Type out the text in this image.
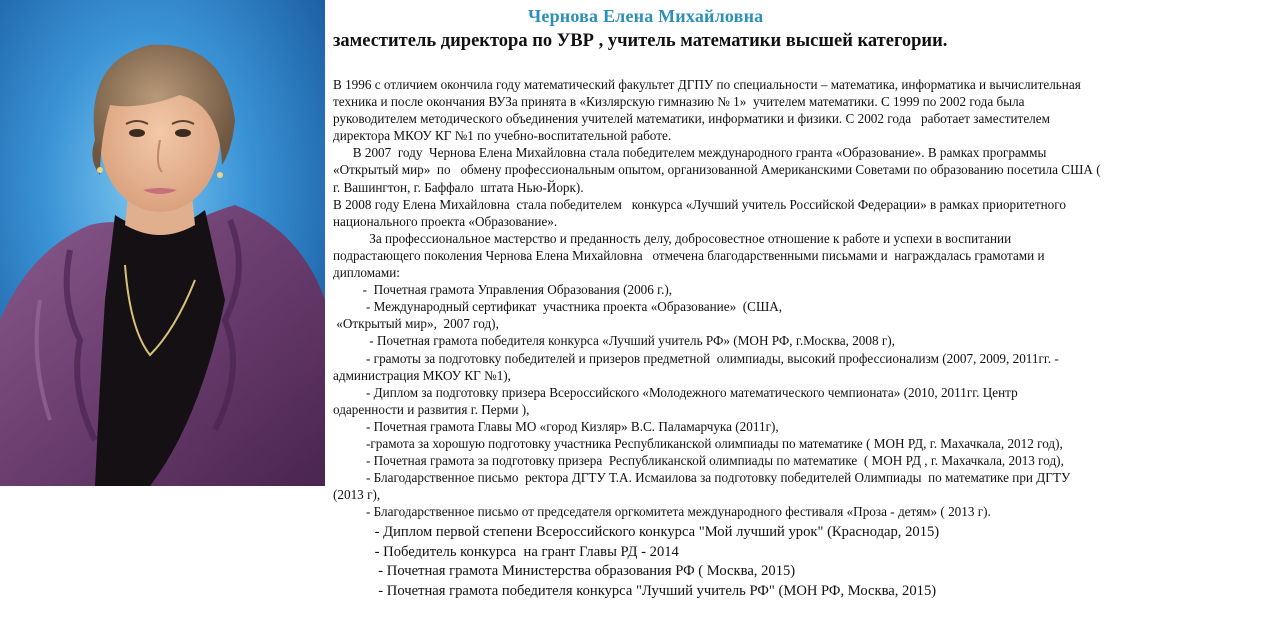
Чернова Елена Михайловна
заместитель директора по УВР , учитель математики высшей категории.

В 1996 с отличием окончила году математический факультет ДГПУ по специальности – математика, информатика и вычислительная

техника и после окончания ВУЗа принята в «Кизлярскую гимназию № 1»  учителем математики. С 1999 по 2002 года была

руководителем методического объединения учителей математики, информатики и физики. С 2002 года   работает заместителем

директора МКОУ КГ №1 по учебно-воспитательной работе.

В 2007  году  Чернова Елена Михайловна стала победителем международного гранта «Образование». В рамках программы

«Открытый мир»  по   обмену профессиональным опытом, организованной Американскими Советами по образованию посетила США (

г. Вашингтон, г. Баффало  штата Нью-Йорк).

В 2008 году Елена Михайловна  стала победителем   конкурса «Лучший учитель Российской Федерации» в рамках приоритетного

национального проекта «Образование».

За профессиональное мастерство и преданность делу, добросовестное отношение к работе и успехи в воспитании

подрастающего поколения Чернова Елена Михайловна   отмечена благодарственными письмами и  награждалась грамотами и

дипломами:

-  Почетная грамота Управления Образования (2006 г.),

- Международный сертификат  участника проекта «Образование»  (США,

«Открытый мир»,  2007 год),

- Почетная грамота победителя конкурса «Лучший учитель РФ» (МОН РФ, г.Москва, 2008 г),

- грамоты за подготовку победителей и призеров предметной  олимпиады, высокий профессионализм (2007, 2009, 2011гг. -

администрация МКОУ КГ №1),

- Диплом за подготовку призера Всероссийского «Молодежного математического чемпионата» (2010, 2011гг. Центр

одаренности и развития г. Перми ),

- Почетная грамота Главы МО «город Кизляр» В.С. Паламарчука (2011г),

-грамота за хорошую подготовку участника Республиканской олимпиады по математике ( МОН РД, г. Махачкала, 2012 год),

- Почетная грамота за подготовку призера  Республиканской олимпиады по математике  ( МОН РД , г. Махачкала, 2013 год),

- Благодарственное письмо  ректора ДГТУ Т.А. Исмаилова за подготовку победителей Олимпиады  по математике при ДГТУ

(2013 г),

- Благодарственное письмо от председателя оргкомитета международного фестиваля «Проза - детям» ( 2013 г).

- Диплом первой степени Всероссийского конкурса "Мой лучший урок" (Краснодар, 2015)
- Победитель конкурса  на грант Главы РД - 2014
- Почетная грамота Министерства образования РФ ( Москва, 2015)
- Почетная грамота победителя конкурса "Лучший учитель РФ" (МОН РФ, Москва, 2015)
